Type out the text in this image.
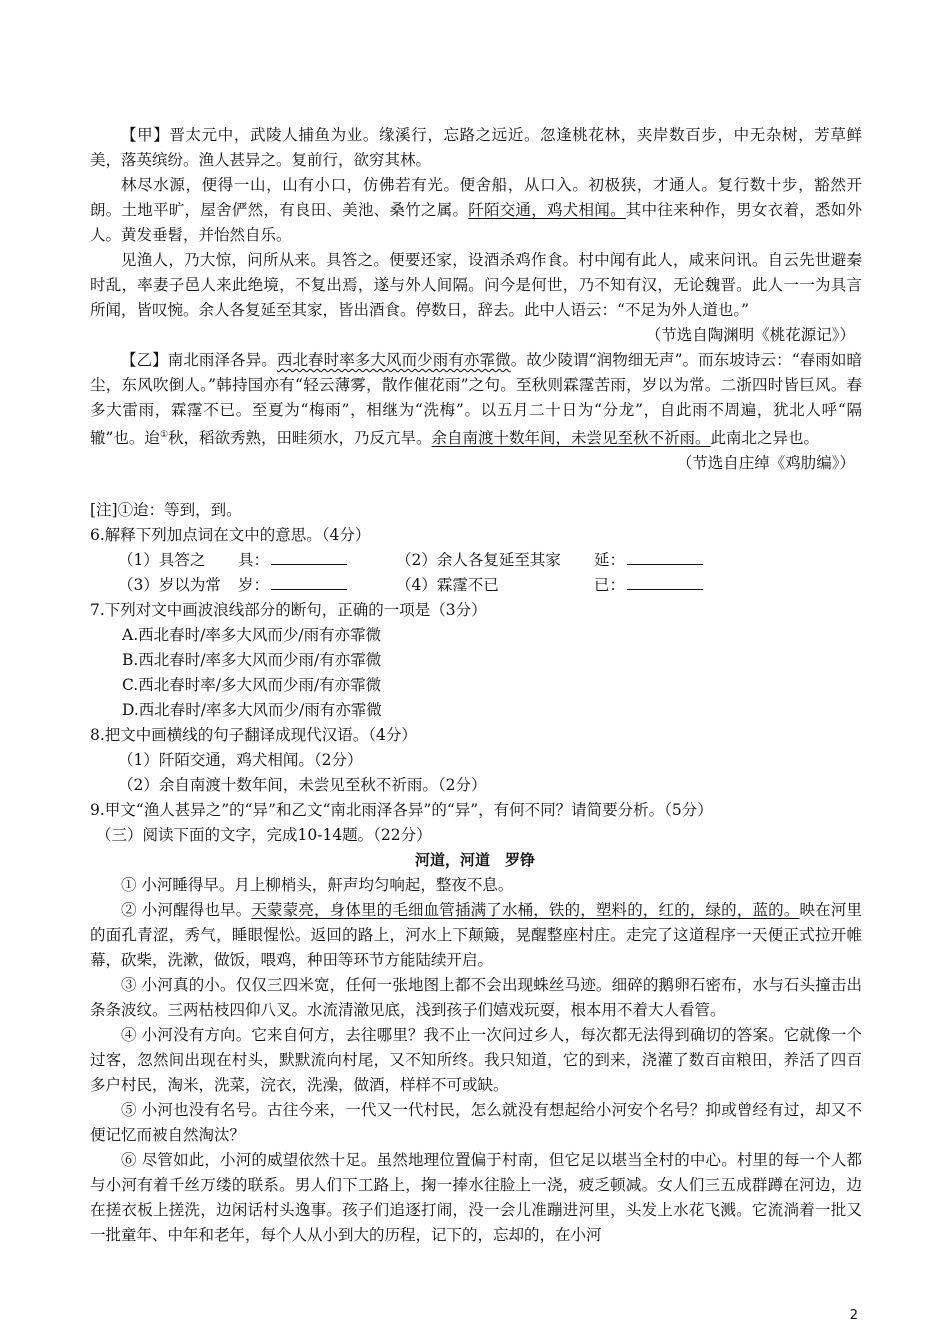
【甲】晋太元中，武陵人捕鱼为业。缘溪行，忘路之远近。忽逢桃花林，夹岸数百步，中无杂树，芳草鲜美，落英缤纷。渔人甚异之。复前行，欲穷其林。

林尽水源，便得一山，山有小口，仿佛若有光。便舍船，从口入。初极狭，才通人。复行数十步，豁然开朗。土地平旷，屋舍俨然，有良田、美池、桑竹之属。阡陌交通，鸡犬相闻。其中往来种作，男女衣着，悉如外人。黄发垂髫，并怡然自乐。

见渔人，乃大惊，问所从来。具答之。便要还家，设酒杀鸡作食。村中闻有此人，咸来问讯。自云先世避秦时乱，率妻子邑人来此绝境，不复出焉，遂与外人间隔。问今是何世，乃不知有汉，无论魏晋。此人一一为具言所闻，皆叹惋。余人各复延至其家，皆出酒食。停数日，辞去。此中人语云：“不足为外人道也。”

（节选自陶渊明《桃花源记》）

【乙】南北雨泽各异。西北春时率多大风而少雨有亦霏微。故少陵谓“润物细无声”。而东坡诗云：“春雨如暗尘，东风吹倒人。”韩持国亦有“轻云薄雾，散作催花雨”之句。至秋则霖霪苦雨，岁以为常。二浙四时皆巨风。春多大雷雨，霖霪不已。至夏为“梅雨”，相继为“洗梅”。以五月二十日为“分龙”，自此雨不周遍，犹北人呼“隔辙”也。迨①秋，稻欲秀熟，田畦须水，乃反亢旱。余自南渡十数年间，未尝见至秋不祈雨。此南北之异也。

（节选自庄绰《鸡肋编》）

[注]①迨：等到，到。

6.解释下列加点词在文中的意思。（4分）

（1）具答之	具：	（2）余人各复延至其家	延：
（3）岁以为常	岁：	（4）霖霪不已	已：

7.下列对文中画波浪线部分的断句，正确的一项是（3分）

A.西北春时/率多大风而少/雨有亦霏微

B.西北春时/率多大风而少雨/有亦霏微

C.西北春时率/多大风而少雨/有亦霏微

D.西北春时/率多大风而少/雨有亦霏微

8.把文中画横线的句子翻译成现代汉语。（4分）

（1）阡陌交通，鸡犬相闻。（2分）

（2）余自南渡十数年间，未尝见至秋不祈雨。（2分）

9.甲文“渔人甚异之”的“异”和乙文“南北雨泽各异”的“异”，有何不同？请简要分析。（5分）

（三）阅读下面的文字，完成10-14题。（22分）

河道，河道　罗铮

① 小河睡得早。月上柳梢头，鼾声均匀响起，整夜不息。

② 小河醒得也早。天蒙蒙亮，身体里的毛细血管插满了水桶，铁的，塑料的，红的，绿的，蓝的。映在河里的面孔青涩，秀气，睡眼惺忪。返回的路上，河水上下颠簸，晃醒整座村庄。走完了这道程序一天便正式拉开帷幕，砍柴，洗漱，做饭，喂鸡，种田等环节方能陆续开启。

③ 小河真的小。仅仅三四米宽，任何一张地图上都不会出现蛛丝马迹。细碎的鹅卵石密布，水与石头撞击出条条波纹。三两枯枝四仰八叉。水流清澈见底，浅到孩子们嬉戏玩耍，根本用不着大人看管。

④ 小河没有方向。它来自何方，去往哪里？我不止一次问过乡人，每次都无法得到确切的答案。它就像一个过客，忽然间出现在村头，默默流向村尾，又不知所终。我只知道，它的到来，浇灌了数百亩粮田，养活了四百多户村民，淘米，洗菜，浣衣，洗澡，做酒，样样不可或缺。

⑤ 小河也没有名号。古往今来，一代又一代村民，怎么就没有想起给小河安个名号？抑或曾经有过，却又不便记忆而被自然淘汰？

⑥ 尽管如此，小河的威望依然十足。虽然地理位置偏于村南，但它足以堪当全村的中心。村里的每一个人都与小河有着千丝万缕的联系。男人们下工路上，掬一捧水往脸上一浇，疲乏顿减。女人们三五成群蹲在河边，边在搓衣板上搓洗，边闲话村头逸事。孩子们追逐打闹，没一会儿准蹦进河里，头发上水花飞溅。它流淌着一批又一批童年、中年和老年，每个人从小到大的历程，记下的，忘却的，在小河

2
